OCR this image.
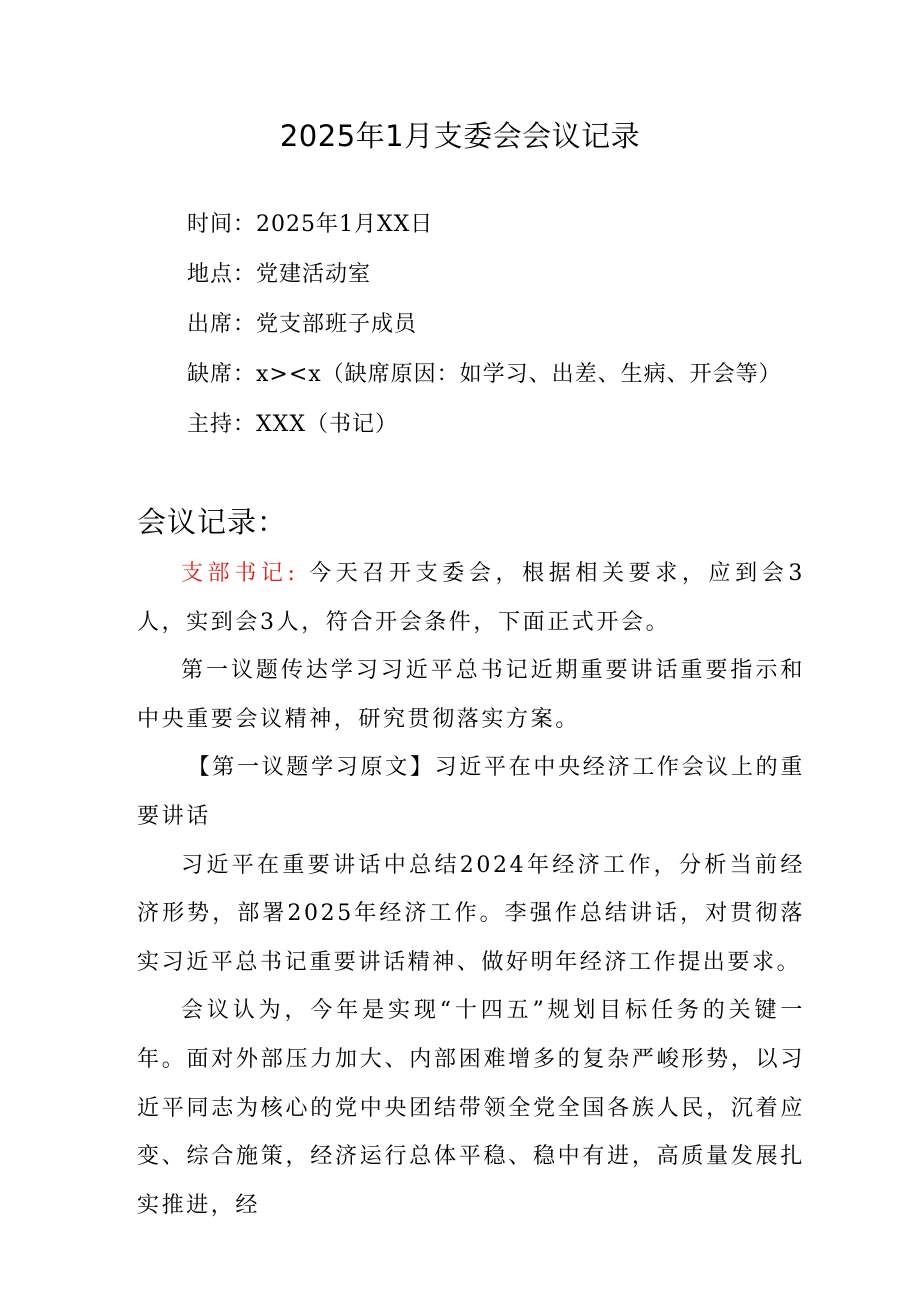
2025年1月支委会会议记录
时间：2025年1月XX日
地点：党建活动室
出席：党支部班子成员
缺席：x><x（缺席原因：如学习、出差、生病、开会等）
主持：XXX（书记）
会议记录：

支部书记: 今天召开支委会，根据相关要求，应到会3人，实到会3人，符合开会条件，下面正式开会。

第一议题传达学习习近平总书记近期重要讲话重要指示和中央重要会议精神，研究贯彻落实方案。

【第一议题学习原文】习近平在中央经济工作会议上的重要讲话

习近平在重要讲话中总结2024年经济工作，分析当前经济形势，部署2025年经济工作。李强作总结讲话，对贯彻落实习近平总书记重要讲话精神、做好明年经济工作提出要求。

会议认为，今年是实现“十四五”规划目标任务的关键一年。面对外部压力加大、内部困难增多的复杂严峻形势，以习近平同志为核心的党中央团结带领全党全国各族人民，沉着应变、综合施策，经济运行总体平稳、稳中有进，高质量发展扎实推进，经
